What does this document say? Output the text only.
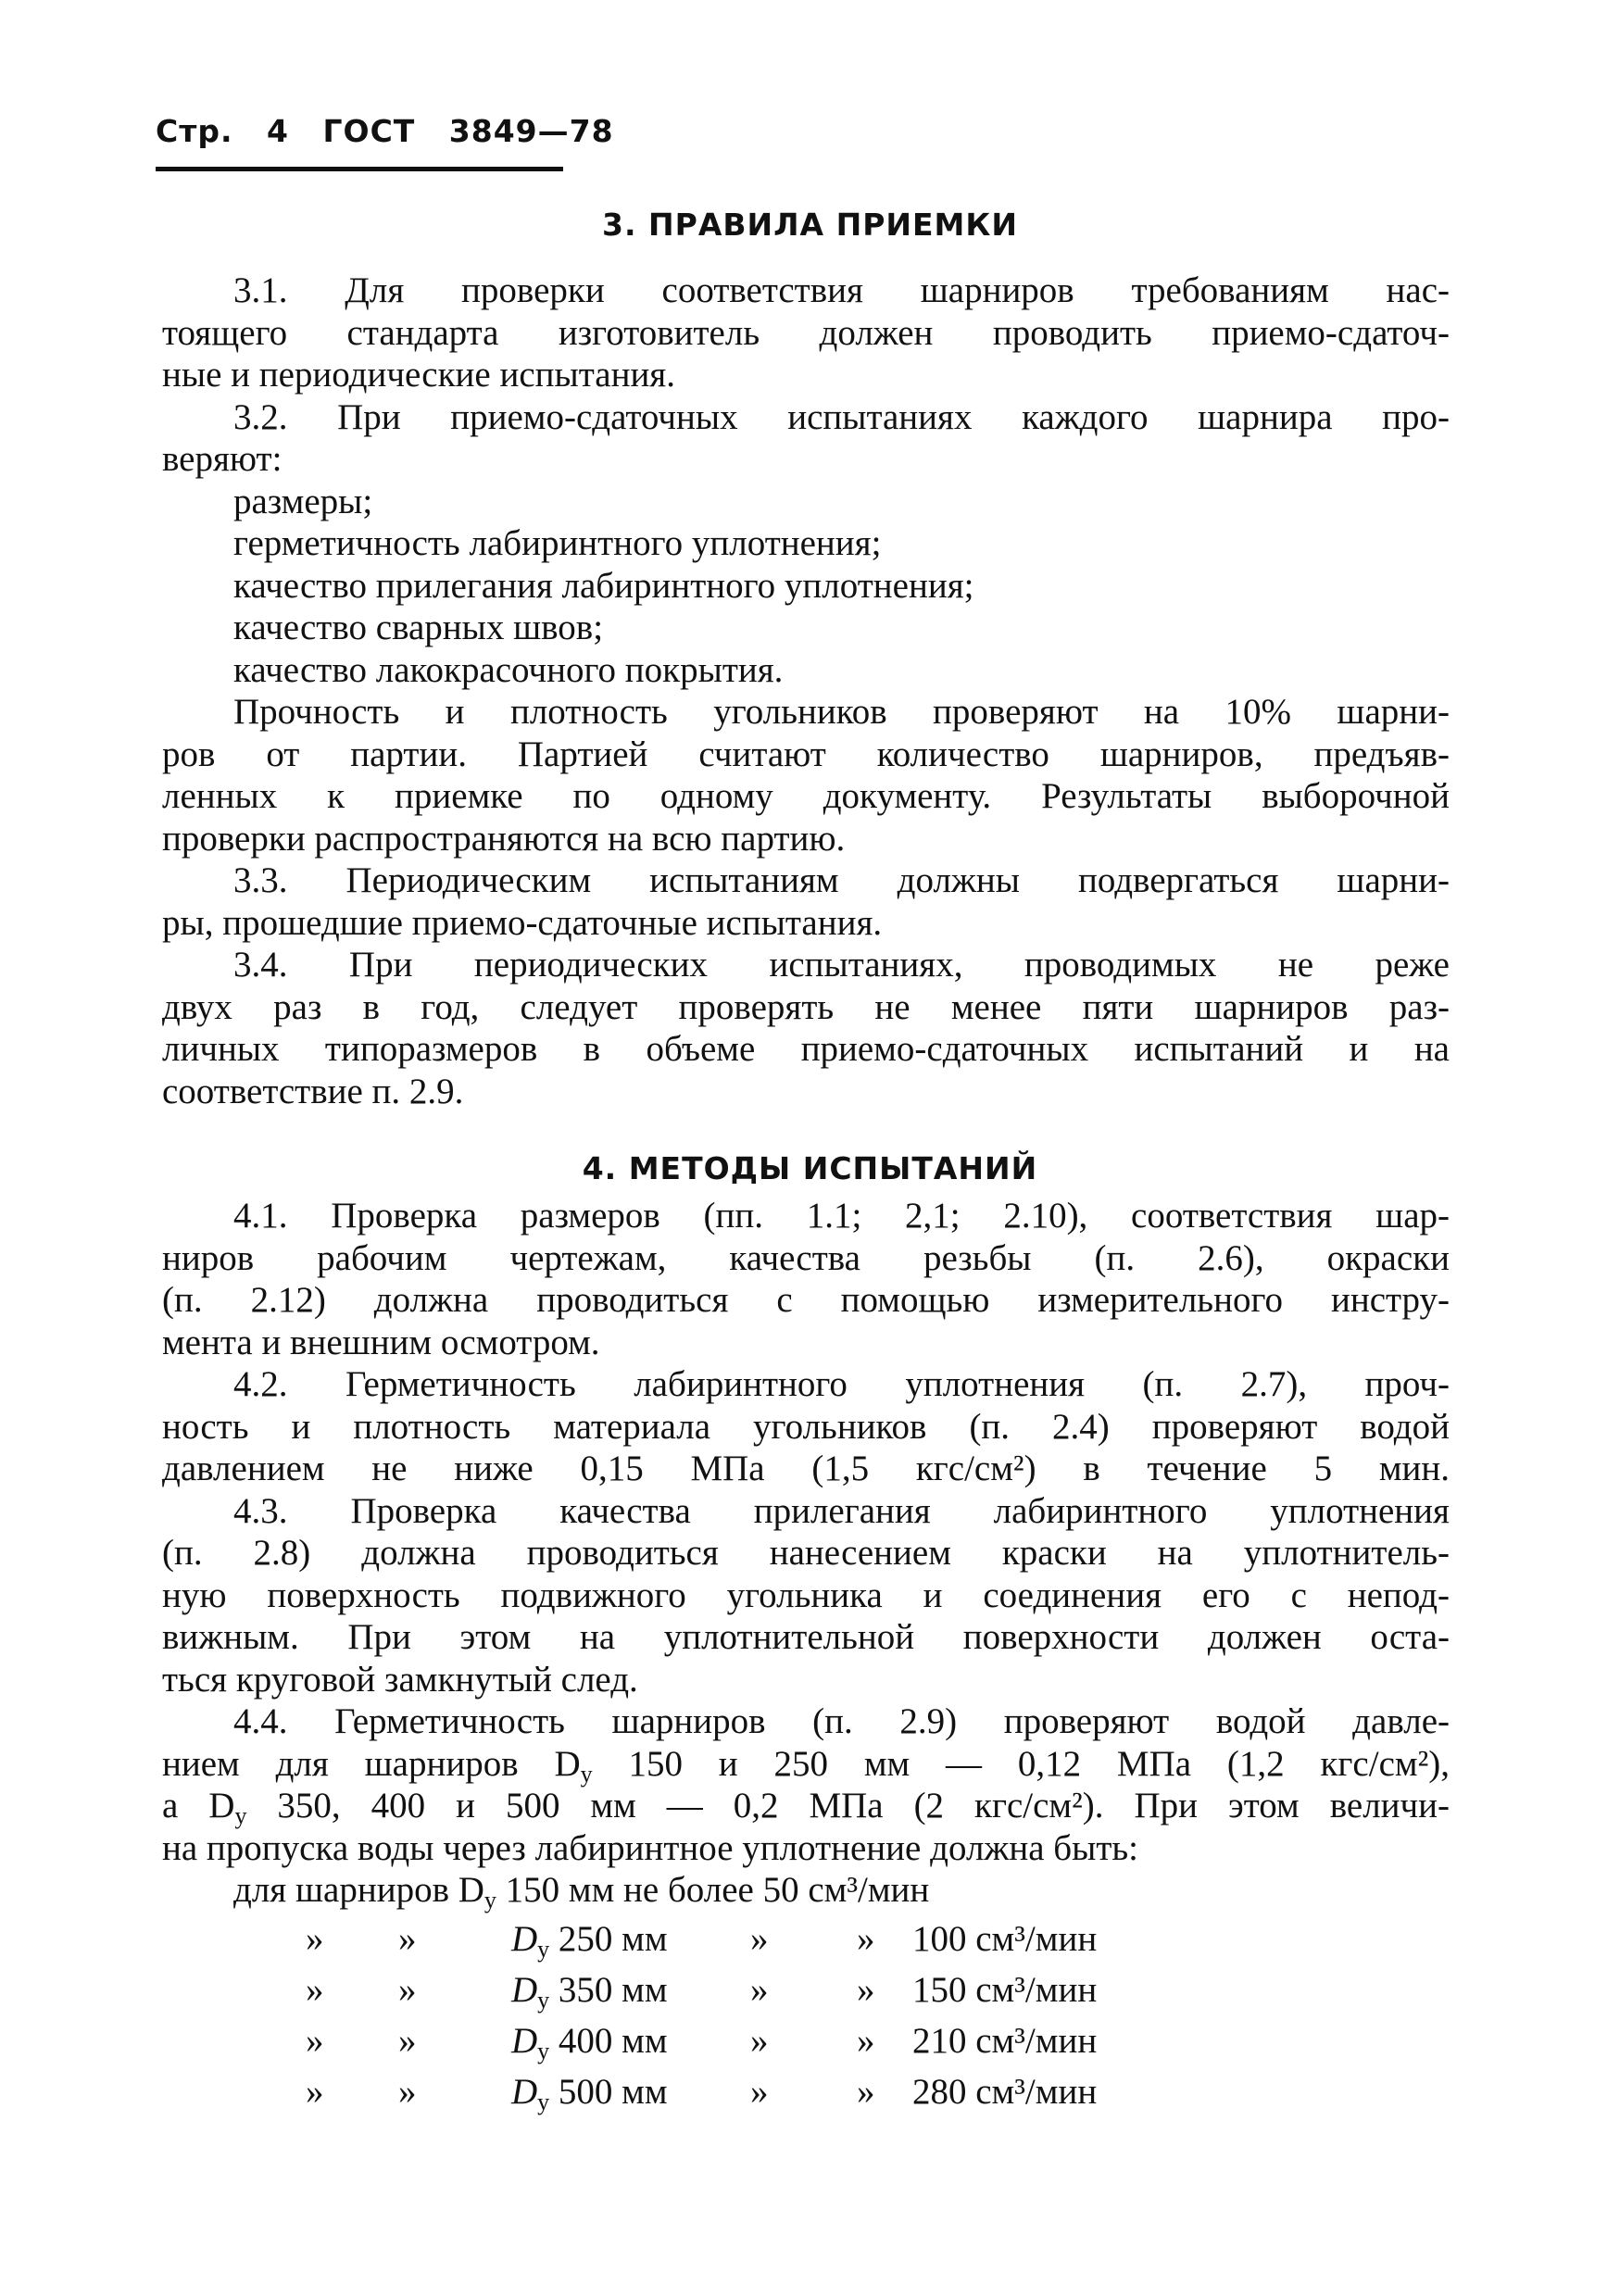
Стр. 4 ГОСТ 3849—78
3. ПРАВИЛА ПРИЕМКИ
3.1. Для проверки соответствия шарниров требованиям нас-
тоящего стандарта изготовитель должен проводить приемо-сдаточ-
ные и периодические испытания.
3.2. При приемо-сдаточных испытаниях каждого шарнира про-
веряют:
размеры;
герметичность лабиринтного уплотнения;
качество прилегания лабиринтного уплотнения;
качество сварных швов;
качество лакокрасочного покрытия.
Прочность и плотность угольников проверяют на 10% шарни-
ров от партии. Партией считают количество шарниров, предъяв-
ленных к приемке по одному документу. Результаты выборочной
проверки распространяются на всю партию.
3.3. Периодическим испытаниям должны подвергаться шарни-
ры, прошедшие приемо-сдаточные испытания.
3.4. При периодических испытаниях, проводимых не реже
двух раз в год, следует проверять не менее пяти шарниров раз-
личных типоразмеров в объеме приемо-сдаточных испытаний и на
соответствие п. 2.9.
4. МЕТОДЫ ИСПЫТАНИЙ
4.1. Проверка размеров (пп. 1.1; 2,1; 2.10), соответствия шар-
ниров рабочим чертежам, качества резьбы (п. 2.6), окраски
(п. 2.12) должна проводиться с помощью измерительного инстру-
мента и внешним осмотром.
4.2. Герметичность лабиринтного уплотнения (п. 2.7), проч-
ность и плотность материала угольников (п. 2.4) проверяют водой
давлением не ниже 0,15 МПа (1,5 кгс/см²) в течение 5 мин.
4.3. Проверка качества прилегания лабиринтного уплотнения
(п. 2.8) должна проводиться нанесением краски на уплотнитель-
ную поверхность подвижного угольника и соединения его с непод-
вижным. При этом на уплотнительной поверхности должен оста-
ться круговой замкнутый след.
4.4. Герметичность шарниров (п. 2.9) проверяют водой давле-
нием для шарниров $D_у$ 150 и 250 мм — 0,12 МПа (1,2 кгс/см²),
а $D_у$ 350, 400 и 500 мм — 0,2 МПа (2 кгс/см²). При этом величи-
на пропуска воды через лабиринтное уплотнение должна быть:
для шарниров $D_у$ 150 мм не более 50 см³/мин
» »	$D_у$ 250 мм » » 100 см³/мин
» »	$D_у$ 350 мм » » 150 см³/мин
» »	$D_у$ 400 мм » » 210 см³/мин
» »	$D_у$ 500 мм » » 280 см³/мин
